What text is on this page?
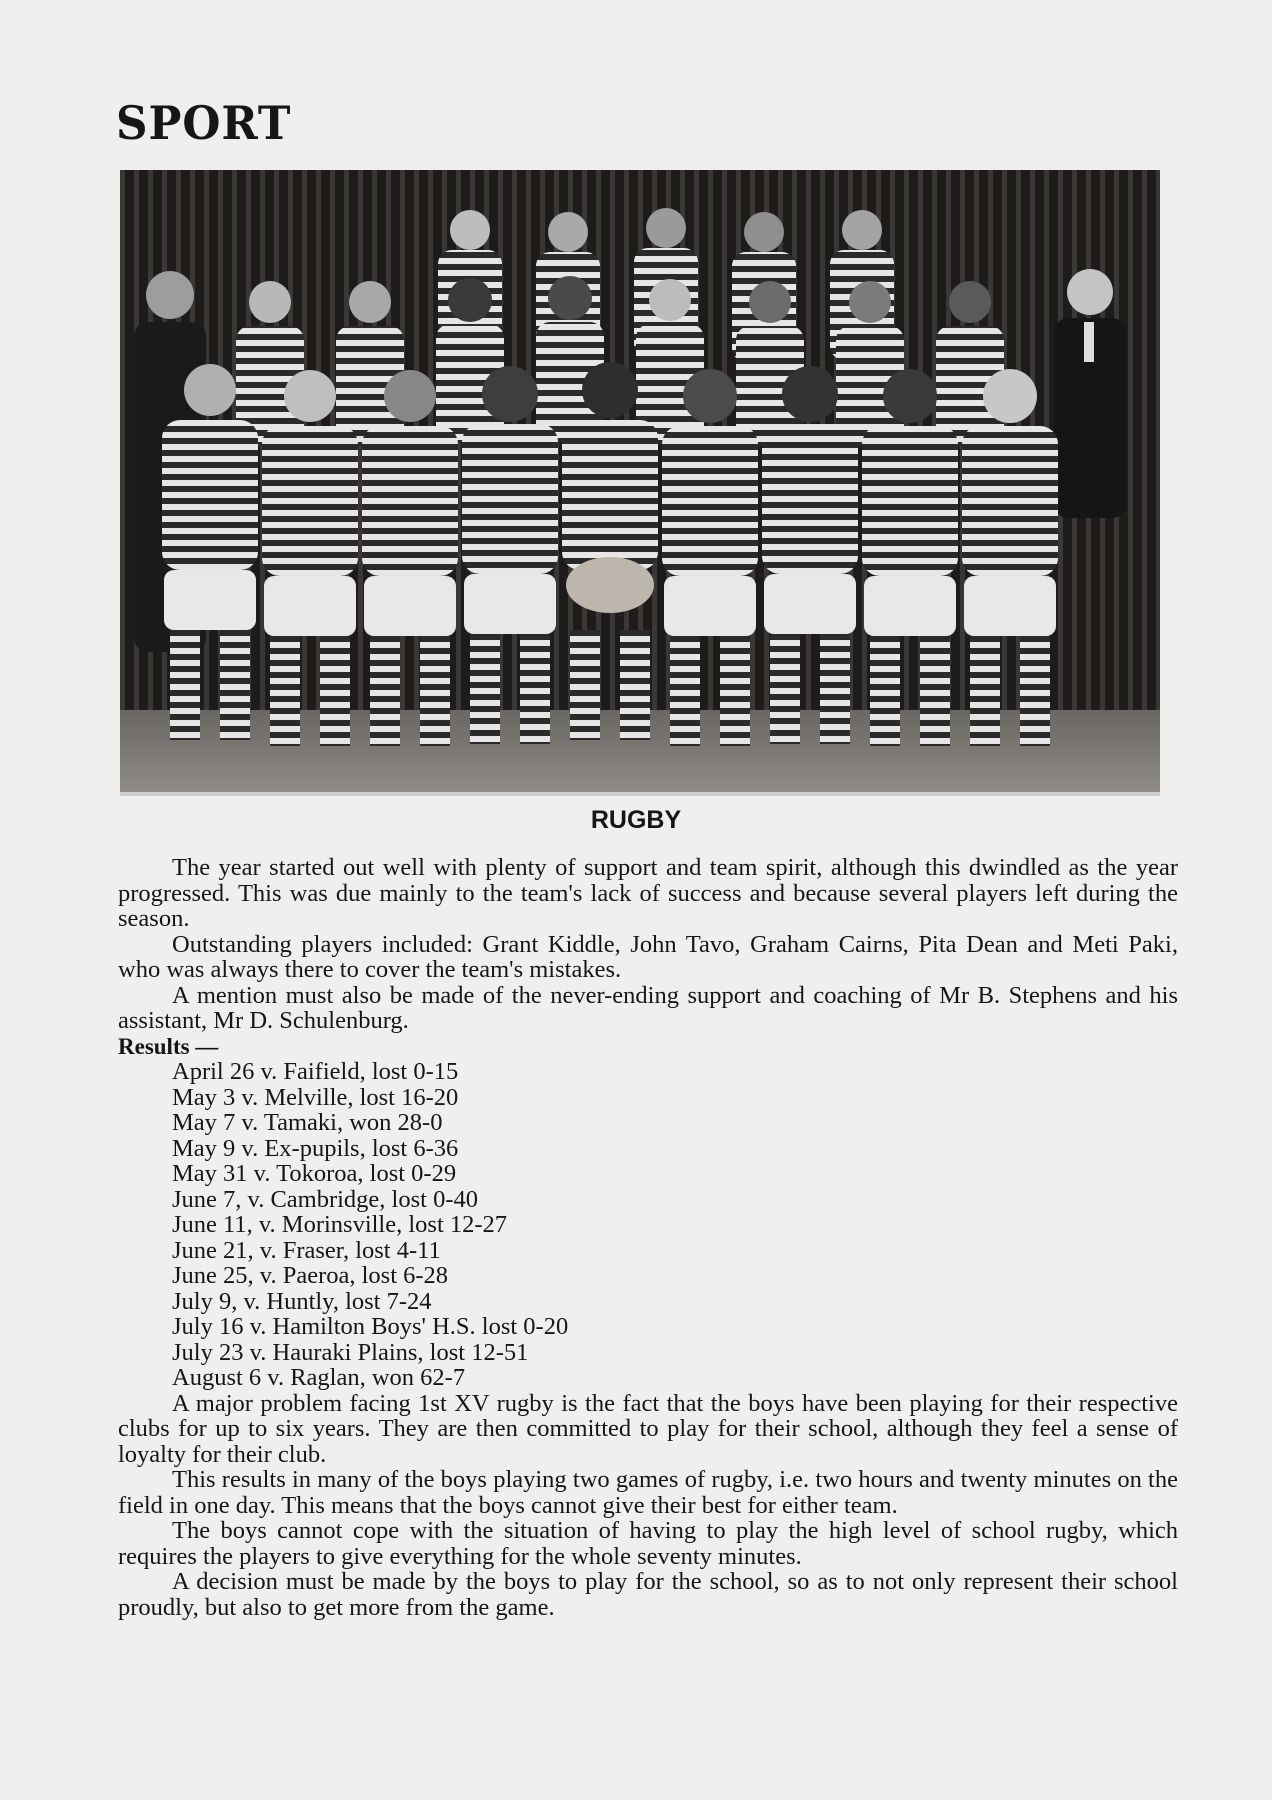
SPORT
RUGBY

The year started out well with plenty of support and team spirit, although this dwindled as the year progressed. This was due mainly to the team's lack of success and because several players left during the season.

Outstanding players included: Grant Kiddle, John Tavo, Graham Cairns, Pita Dean and Meti Paki, who was always there to cover the team's mistakes.

A mention must also be made of the never-ending support and coaching of Mr B. Stephens and his assistant, Mr D. Schulenburg.

Results —

April 26 v. Faifield, lost 0-15
May 3 v. Melville, lost 16-20
May 7 v. Tamaki, won 28-0
May 9 v. Ex-pupils, lost 6-36
May 31 v. Tokoroa, lost 0-29
June 7, v. Cambridge, lost 0-40
June 11, v. Morinsville, lost 12-27
June 21, v. Fraser, lost 4-11
June 25, v. Paeroa, lost 6-28
July 9, v. Huntly, lost 7-24
July 16 v. Hamilton Boys' H.S. lost 0-20
July 23 v. Hauraki Plains, lost 12-51
August 6 v. Raglan, won 62-7

A major problem facing 1st XV rugby is the fact that the boys have been playing for their respective clubs for up to six years. They are then committed to play for their school, although they feel a sense of loyalty for their club.

This results in many of the boys playing two games of rugby, i.e. two hours and twenty minutes on the field in one day. This means that the boys cannot give their best for either team.

The boys cannot cope with the situation of having to play the high level of school rugby, which requires the players to give everything for the whole seventy minutes.

A decision must be made by the boys to play for the school, so as to not only represent their school proudly, but also to get more from the game.
